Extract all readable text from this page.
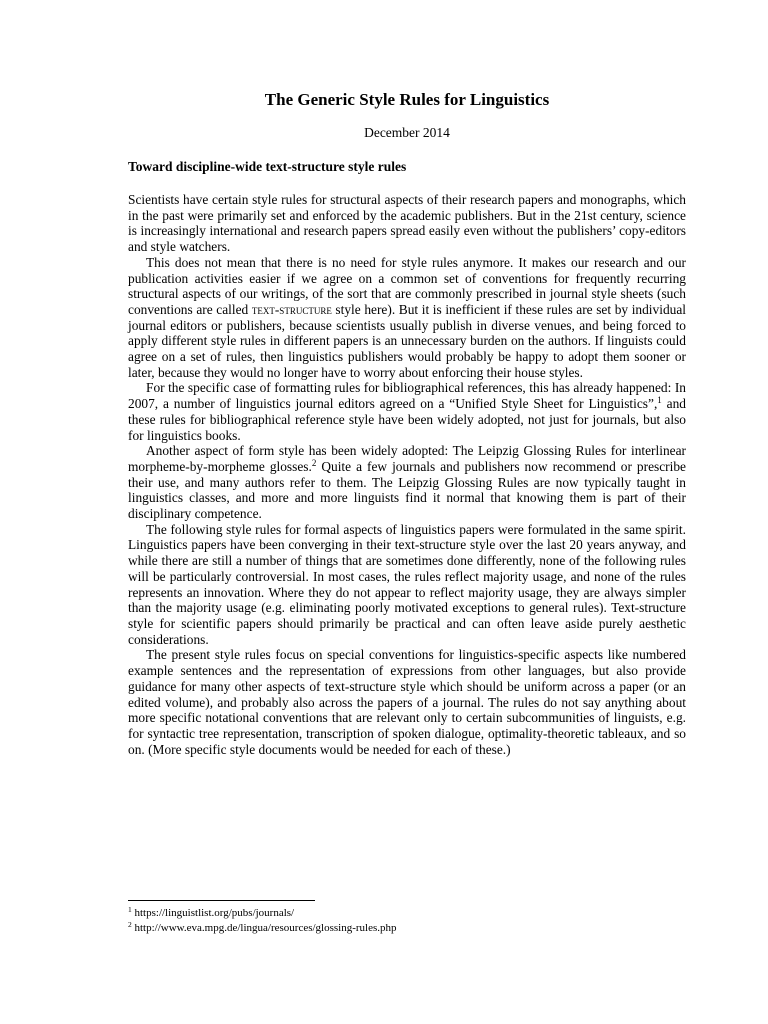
The Generic Style Rules for Linguistics
December 2014
Toward discipline-wide text-structure style rules

Scientists have certain style rules for structural aspects of their research papers and monographs, which in the past were primarily set and enforced by the academic publishers. But in the 21st century, science is increasingly international and research papers spread easily even without the publishers’ copy-editors and style watchers.

This does not mean that there is no need for style rules anymore. It makes our research and our publication activities easier if we agree on a common set of conventions for frequently recurring structural aspects of our writings, of the sort that are commonly prescribed in journal style sheets (such conventions are called text-structure style here). But it is inefficient if these rules are set by individual journal editors or publishers, because scientists usually publish in diverse venues, and being forced to apply different style rules in different papers is an unnecessary burden on the authors. If linguists could agree on a set of rules, then linguistics publishers would probably be happy to adopt them sooner or later, because they would no longer have to worry about enforcing their house styles.

For the specific case of formatting rules for bibliographical references, this has already happened: In 2007, a number of linguistics journal editors agreed on a “Unified Style Sheet for Linguistics”,$^1$ and these rules for bibliographical reference style have been widely adopted, not just for journals, but also for linguistics books.

Another aspect of form style has been widely adopted: The Leipzig Glossing Rules for interlinear morpheme-by-morpheme glosses.$^2$ Quite a few journals and publishers now recommend or prescribe their use, and many authors refer to them. The Leipzig Glossing Rules are now typically taught in linguistics classes, and more and more linguists find it normal that knowing them is part of their disciplinary competence.

The following style rules for formal aspects of linguistics papers were formulated in the same spirit. Linguistics papers have been converging in their text-structure style over the last 20 years anyway, and while there are still a number of things that are sometimes done differently, none of the following rules will be particularly controversial. In most cases, the rules reflect majority usage, and none of the rules represents an innovation. Where they do not appear to reflect majority usage, they are always simpler than the majority usage (e.g. eliminating poorly motivated exceptions to general rules). Text-structure style for scientific papers should primarily be practical and can often leave aside purely aesthetic considerations.

The present style rules focus on special conventions for linguistics-specific aspects like numbered example sentences and the representation of expressions from other languages, but also provide guidance for many other aspects of text-structure style which should be uniform across a paper (or an edited volume), and probably also across the papers of a journal. The rules do not say anything about more specific notational conventions that are relevant only to certain subcommunities of linguists, e.g. for syntactic tree representation, transcription of spoken dialogue, optimality-theoretic tableaux, and so on. (More specific style documents would be needed for each of these.)

$^1$ https://linguistlist.org/pubs/journals/
$^2$ http://www.eva.mpg.de/lingua/resources/glossing-rules.php
